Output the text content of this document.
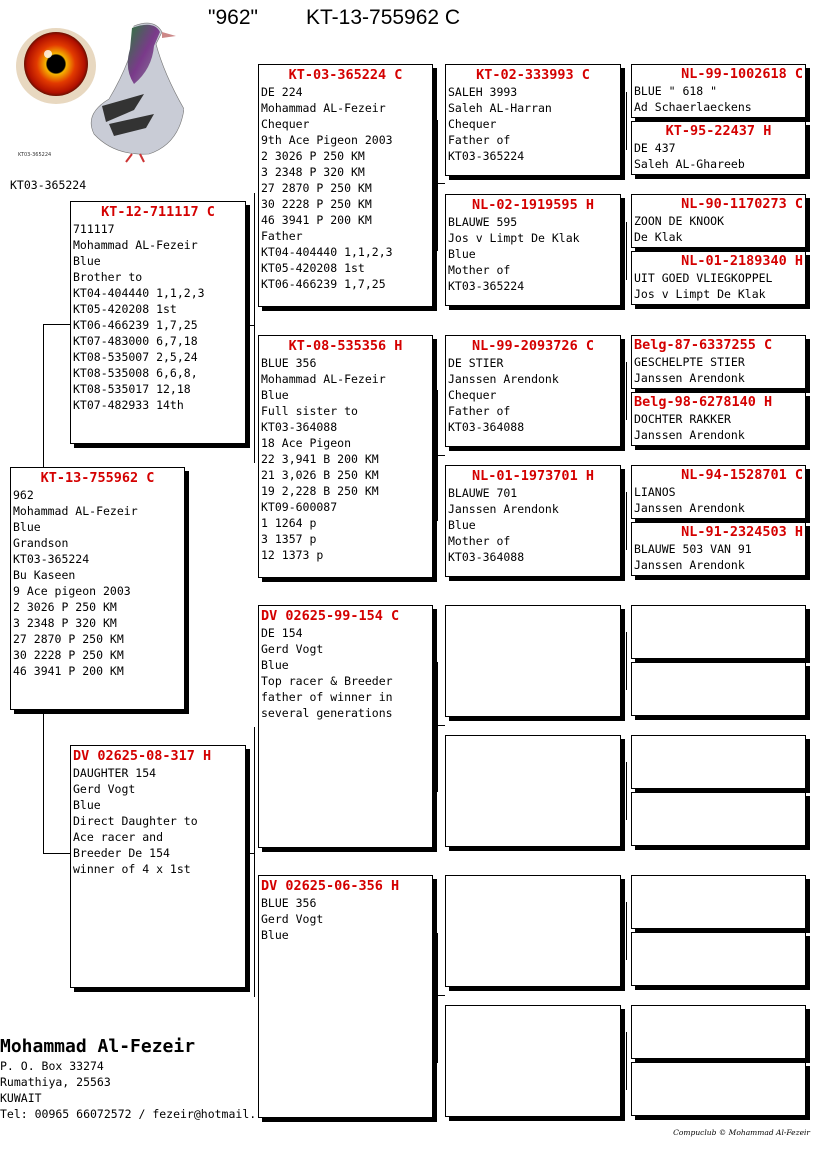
"962" KT-13-755962 C
KT03-365224
KT03-365224
KT-13-755962 C
962
Mohammad AL-Fezeir
Blue
Grandson
KT03-365224
Bu Kaseen
9 Ace pigeon 2003
2 3026 P 250 KM
3 2348 P 320 KM
27 2870 P 250 KM
30 2228 P 250 KM
46 3941 P 200 KM
KT-12-711117 C
711117
Mohammad AL-Fezeir
Blue
Brother to
KT04-404440 1,1,2,3
KT05-420208 1st
KT06-466239 1,7,25
KT07-483000 6,7,18
KT08-535007 2,5,24
KT08-535008 6,6,8,
KT08-535017 12,18
KT07-482933 14th
DV 02625-08-317 H
DAUGHTER 154
Gerd Vogt
Blue
Direct Daughter to
Ace racer and
Breeder De 154
winner of 4 x 1st
KT-03-365224 C
DE 224
Mohammad AL-Fezeir
Chequer
9th Ace Pigeon 2003
2 3026 P 250 KM
3 2348 P 320 KM
27 2870 P 250 KM
30 2228 P 250 KM
46 3941 P 200 KM
Father
KT04-404440 1,1,2,3
KT05-420208 1st
KT06-466239 1,7,25
KT-08-535356 H
BLUE 356
Mohammad AL-Fezeir
Blue
Full sister to
KT03-364088
18 Ace Pigeon
22 3,941 B 200 KM
21 3,026 B 250 KM
19 2,228 B 250 KM
KT09-600087
1 1264 p
3 1357 p
12 1373 p
DV 02625-99-154 C
DE 154
Gerd Vogt
Blue
Top racer & Breeder
father of winner in
several generations
DV 02625-06-356 H
BLUE 356
Gerd Vogt
Blue
KT-02-333993 C
SALEH 3993
Saleh AL-Harran
Chequer
Father of
KT03-365224
NL-02-1919595 H
BLAUWE 595
Jos v Limpt De Klak
Blue
Mother of
KT03-365224
NL-99-2093726 C
DE STIER
Janssen Arendonk
Chequer
Father of
KT03-364088
NL-01-1973701 H
BLAUWE 701
Janssen Arendonk
Blue
Mother of
KT03-364088
NL-99-1002618 C
BLUE " 618 "
Ad Schaerlaeckens
KT-95-22437 H
DE 437
Saleh AL-Ghareeb
NL-90-1170273 C
ZOON DE KNOOK
De Klak
NL-01-2189340 H
UIT GOED VLIEGKOPPEL
Jos v Limpt De Klak
Belg-87-6337255 C
GESCHELPTE STIER
Janssen Arendonk
Belg-98-6278140 H
DOCHTER RAKKER
Janssen Arendonk
NL-94-1528701 C
LIANOS
Janssen Arendonk
NL-91-2324503 H
BLAUWE 503 VAN 91
Janssen Arendonk
Mohammad Al-Fezeir
P. O. Box 33274
Rumathiya, 25563
KUWAIT
Tel: 00965 66072572 / fezeir@hotmail.
Compuclub © Mohammad Al-Fezeir
